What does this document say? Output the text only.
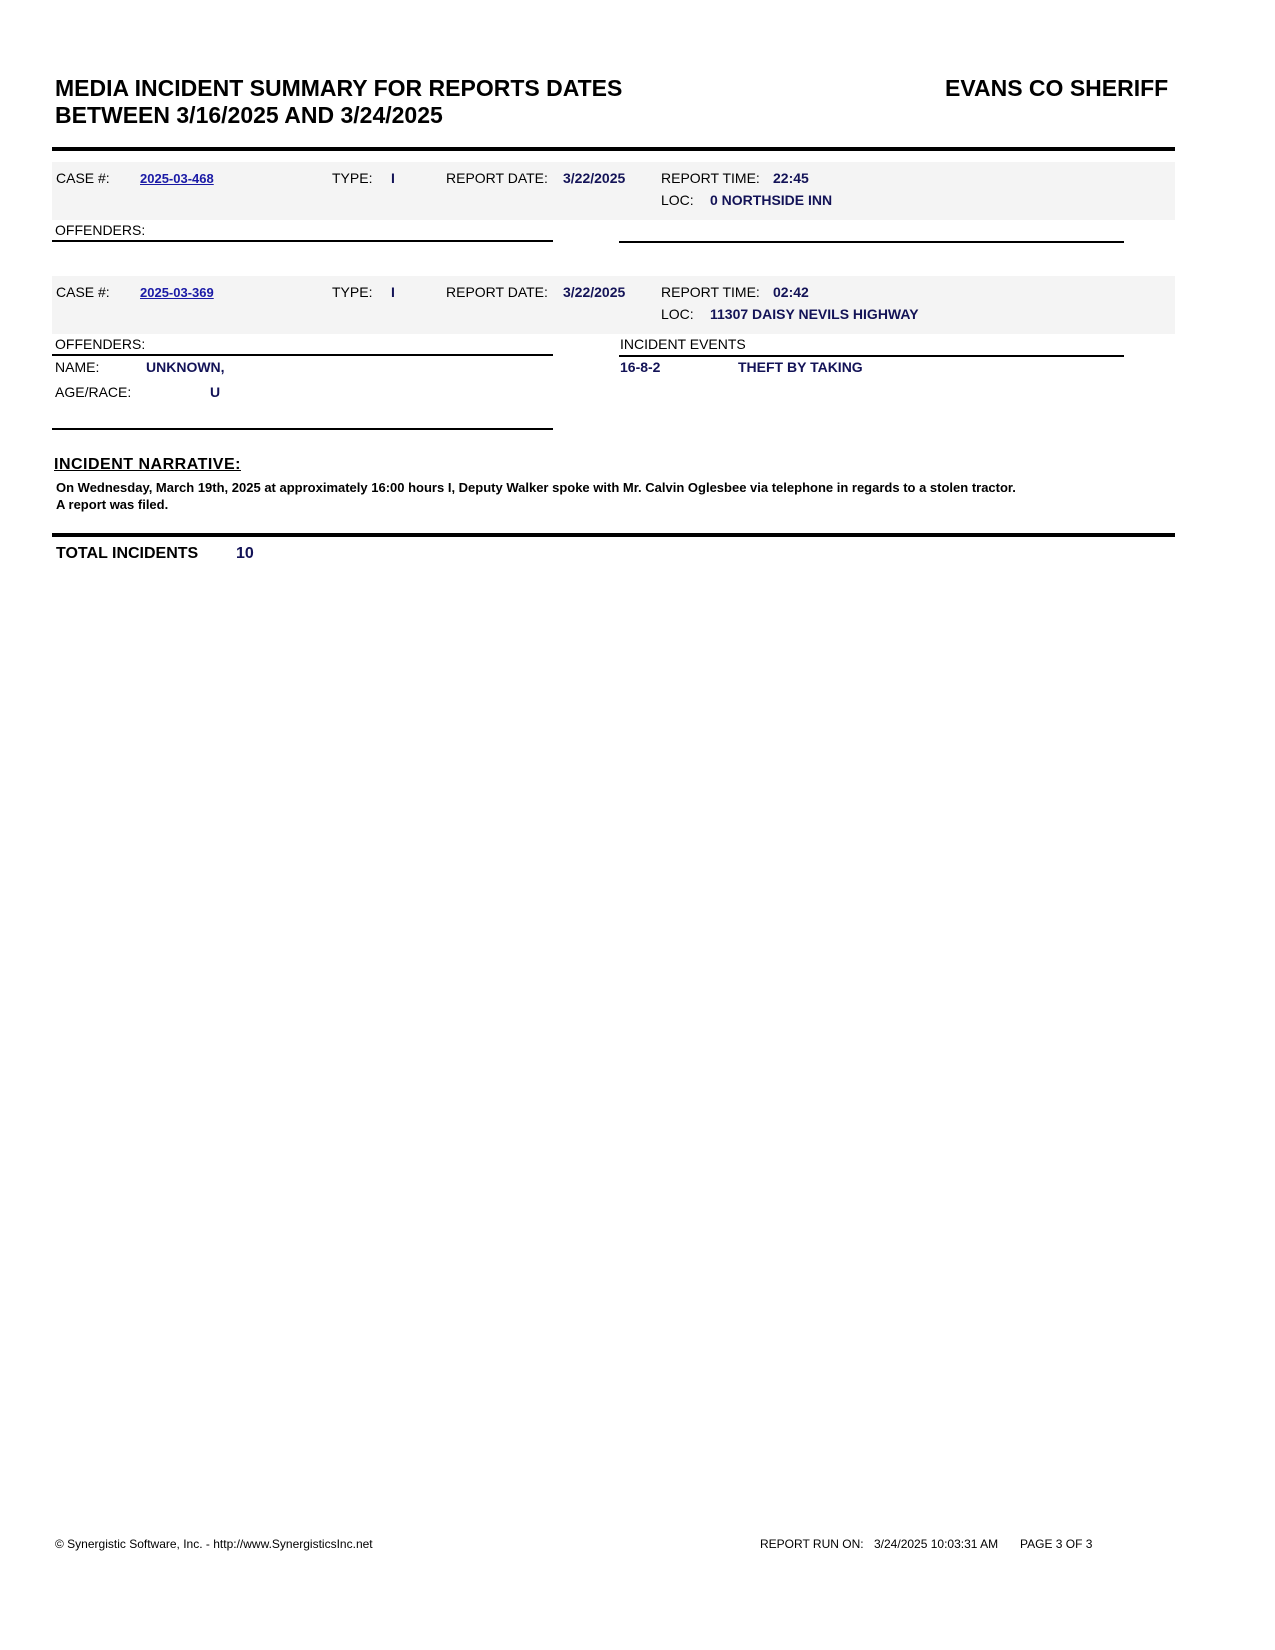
MEDIA INCIDENT SUMMARY FOR REPORTS DATES
BETWEEN 3/16/2025 AND 3/24/2025
EVANS CO SHERIFF
CASE #: 2025-03-468	TYPE: I	REPORT DATE: 3/22/2025	REPORT TIME: 22:45
LOC: 0 NORTHSIDE INN
OFFENDERS:
CASE #: 2025-03-369	TYPE: I	REPORT DATE: 3/22/2025	REPORT TIME: 02:42
LOC: 11307 DAISY NEVILS HIGHWAY
OFFENDERS:
NAME:	UNKNOWN,
AGE/RACE:	U
INCIDENT EVENTS
16-8-2	THEFT BY TAKING
INCIDENT NARRATIVE:
On Wednesday, March 19th, 2025 at approximately 16:00 hours I, Deputy Walker spoke with Mr. Calvin Oglesbee via telephone in regards to a stolen tractor.
A report was filed.
TOTAL INCIDENTS 10
© Synergistic Software, Inc. - http://www.SynergisticsInc.net	REPORT RUN ON: 3/24/2025 10:03:31 AM PAGE 3 OF 3
